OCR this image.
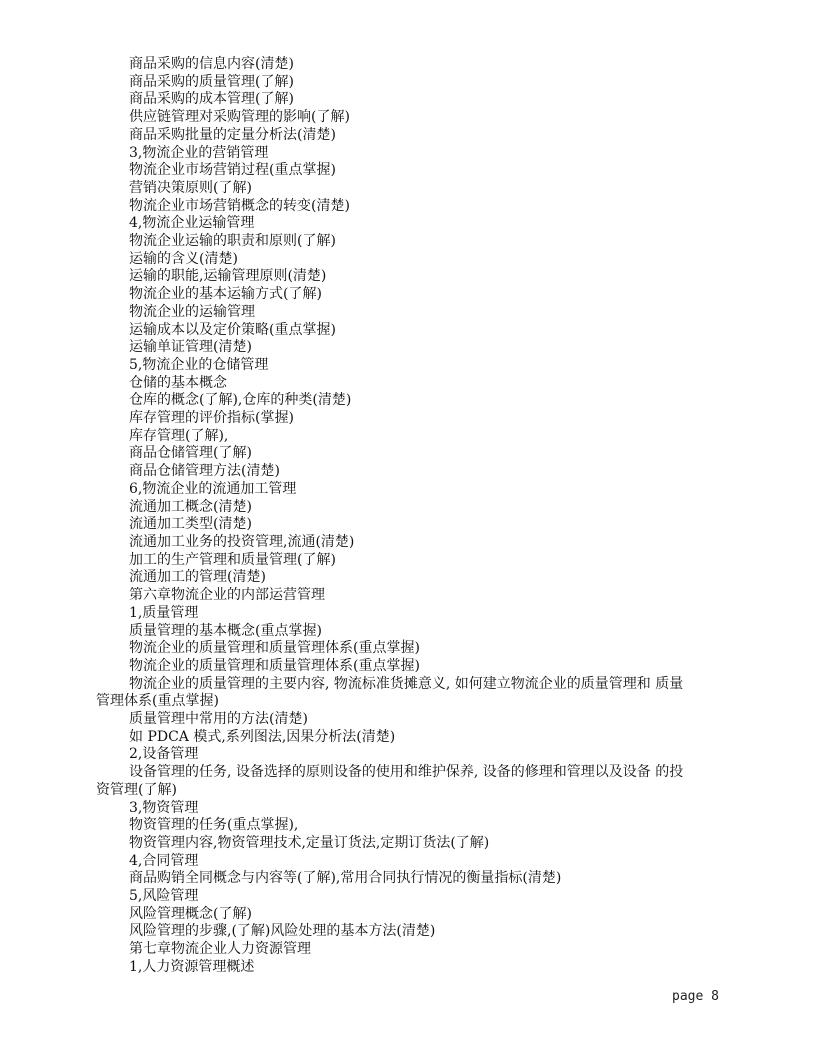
商品采购的信息内容(清楚)
商品采购的质量管理(了解)
商品采购的成本管理(了解)
供应链管理对采购管理的影响(了解)
商品采购批量的定量分析法(清楚)
3,物流企业的营销管理
物流企业市场营销过程(重点掌握)
营销决策原则(了解)
物流企业市场营销概念的转变(清楚)
4,物流企业运输管理
物流企业运输的职责和原则(了解)
运输的含义(清楚)
运输的职能,运输管理原则(清楚)
物流企业的基本运输方式(了解)
物流企业的运输管理
运输成本以及定价策略(重点掌握)
运输单证管理(清楚)
5,物流企业的仓储管理
仓储的基本概念
仓库的概念(了解),仓库的种类(清楚)
库存管理的评价指标(掌握)
库存管理(了解),
商品仓储管理(了解)
商品仓储管理方法(清楚)
6,物流企业的流通加工管理
流通加工概念(清楚)
流通加工类型(清楚)
流通加工业务的投资管理,流通(清楚)
加工的生产管理和质量管理(了解)
流通加工的管理(清楚)
第六章物流企业的内部运营管理
1,质量管理
质量管理的基本概念(重点掌握)
物流企业的质量管理和质量管理体系(重点掌握)
物流企业的质量管理和质量管理体系(重点掌握)
物流企业的质量管理的主要内容, 物流标准货摊意义, 如何建立物流企业的质量管理和 质量管理体系(重点掌握)
质量管理中常用的方法(清楚)
如 PDCA 模式,系列图法,因果分析法(清楚)
2,设备管理
设备管理的任务, 设备选择的原则设备的使用和维护保养, 设备的修理和管理以及设备 的投资管理(了解)
3,物资管理
物资管理的任务(重点掌握),
物资管理内容,物资管理技术,定量订货法,定期订货法(了解)
4,合同管理
商品购销全同概念与内容等(了解),常用合同执行情况的衡量指标(清楚)
5,风险管理
风险管理概念(了解)
风险管理的步骤,(了解)风险处理的基本方法(清楚)
第七章物流企业人力资源管理
1,人力资源管理概述
page 8
